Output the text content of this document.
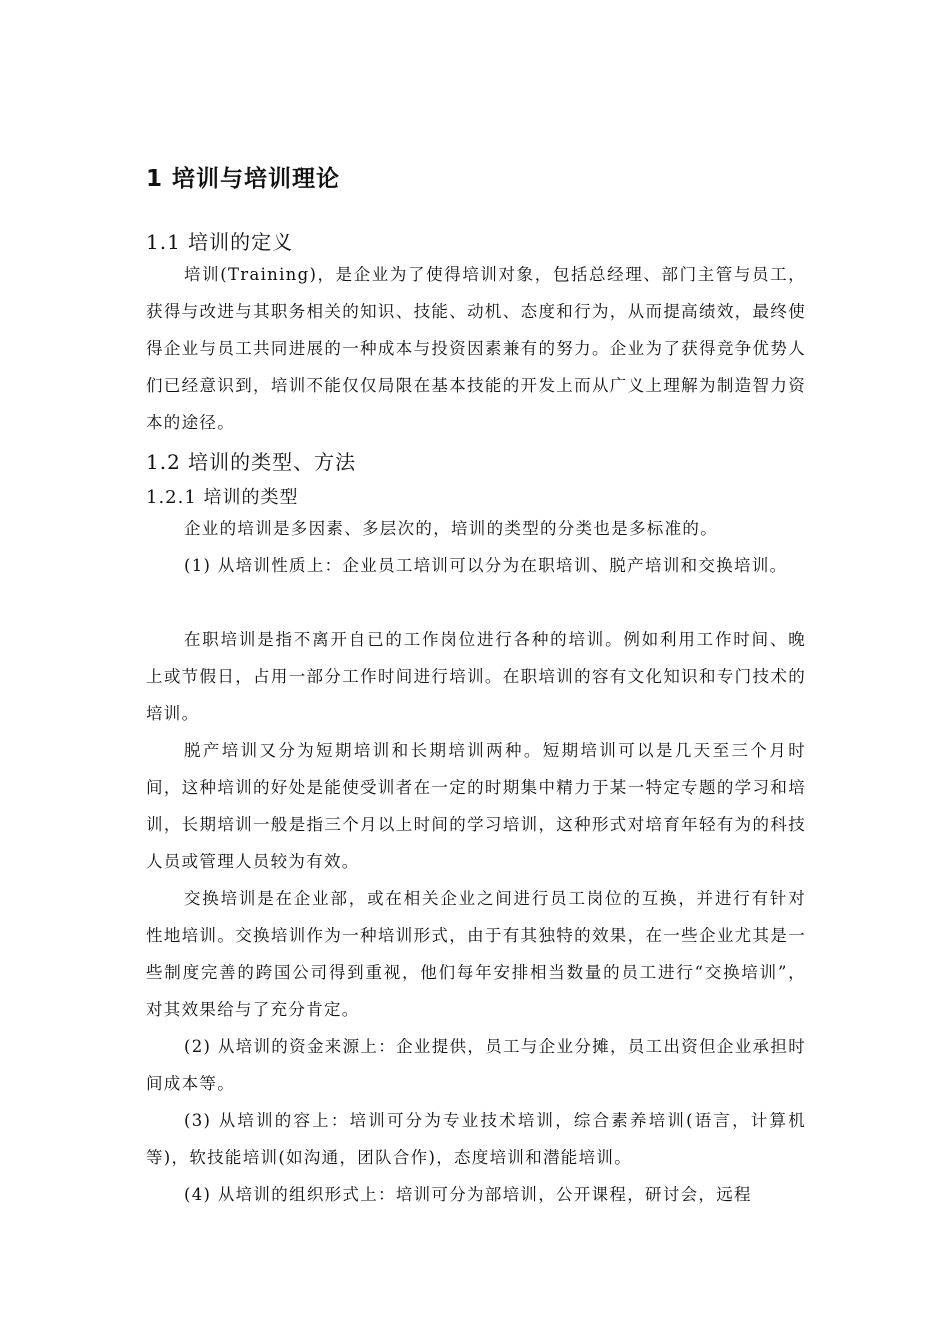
1 培训与培训理论
1.1 培训的定义

培训(Training)，是企业为了使得培训对象，包括总经理、部门主管与员工，获得与改进与其职务相关的知识、技能、动机、态度和行为，从而提高绩效，最终使得企业与员工共同进展的一种成本与投资因素兼有的努力。企业为了获得竞争优势人们已经意识到，培训不能仅仅局限在基本技能的开发上而从广义上理解为制造智力资本的途径。

1.2 培训的类型、方法
1.2.1 培训的类型

企业的培训是多因素、多层次的，培训的类型的分类也是多标准的。

(1) 从培训性质上：企业员工培训可以分为在职培训、脱产培训和交换培训。

在职培训是指不离开自已的工作岗位进行各种的培训。例如利用工作时间、晚上或节假日，占用一部分工作时间进行培训。在职培训的容有文化知识和专门技术的培训。

脱产培训又分为短期培训和长期培训两种。短期培训可以是几天至三个月时间，这种培训的好处是能使受训者在一定的时期集中精力于某一特定专题的学习和培训，长期培训一般是指三个月以上时间的学习培训，这种形式对培育年轻有为的科技人员或管理人员较为有效。

交换培训是在企业部，或在相关企业之间进行员工岗位的互换，并进行有针对性地培训。交换培训作为一种培训形式，由于有其独特的效果，在一些企业尤其是一些制度完善的跨国公司得到重视，他们每年安排相当数量的员工进行“交换培训”，对其效果给与了充分肯定。

(2) 从培训的资金来源上：企业提供，员工与企业分摊，员工出资但企业承担时间成本等。

(3) 从培训的容上：培训可分为专业技术培训，综合素养培训(语言，计算机等)，软技能培训(如沟通，团队合作)，态度培训和潜能培训。

(4) 从培训的组织形式上：培训可分为部培训，公开课程，研讨会，远程
